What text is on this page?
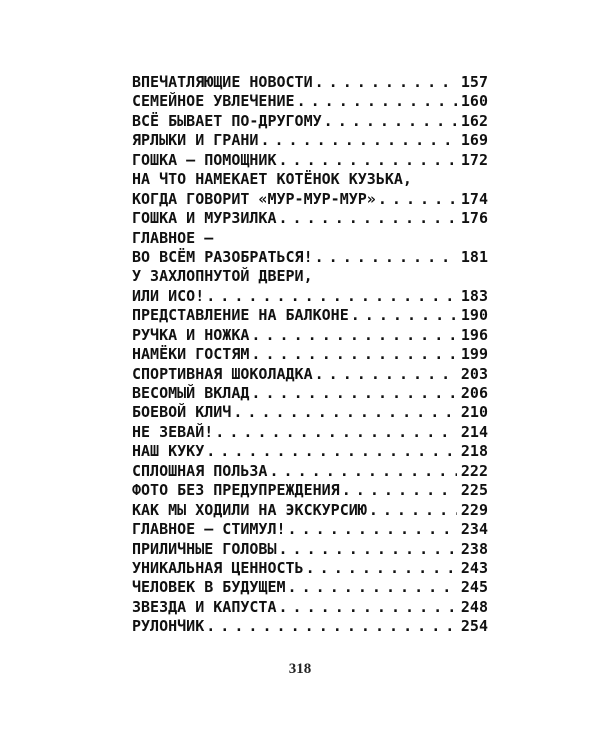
ВПЕЧАТЛЯЮЩИЕ НОВОСТИ . . .	157
СЕМЕЙНОЕ УВЛЕЧЕНИЕ . . .	160
ВСЁ БЫВАЕТ ПО-ДРУГОМУ . . .	162
ЯРЛЫКИ И ГРАНИ . . .	169
ГОШКА — ПОМОЩНИК . . .	172
НА ЧТО НАМЕКАЕТ КОТЁНОК КУЗЬКА,
КОГДА ГОВОРИТ «МУР-МУР-МУР» . . .	174
ГОШКА И МУРЗИЛКА . . .	176
ГЛАВНОЕ —
ВО ВСЁМ РАЗОБРАТЬСЯ! . . .	181
У ЗАХЛОПНУТОЙ ДВЕРИ,
ИЛИ ИСО! . . .	183
ПРЕДСТАВЛЕНИЕ НА БАЛКОНЕ . . .	190
РУЧКА И НОЖКА . . .	196
НАМЁКИ ГОСТЯМ . . .	199
СПОРТИВНАЯ ШОКОЛАДКА . . .	203
ВЕСОМЫЙ ВКЛАД . . .	206
БОЕВОЙ КЛИЧ . . .	210
НЕ ЗЕВАЙ! . . .	214
НАШ КУКУ . . .	218
СПЛОШНАЯ ПОЛЬЗА . . .	222
ФОТО БЕЗ ПРЕДУПРЕЖДЕНИЯ . . .	225
КАК МЫ ХОДИЛИ НА ЭКСКУРСИЮ . . .	229
ГЛАВНОЕ — СТИМУЛ! . . .	234
ПРИЛИЧНЫЕ ГОЛОВЫ . . .	238
УНИКАЛЬНАЯ ЦЕННОСТЬ . . .	243
ЧЕЛОВЕК В БУДУЩЕМ . . .	245
ЗВЕЗДА И КАПУСТА . . .	248
РУЛОНЧИК . . .	254
318
